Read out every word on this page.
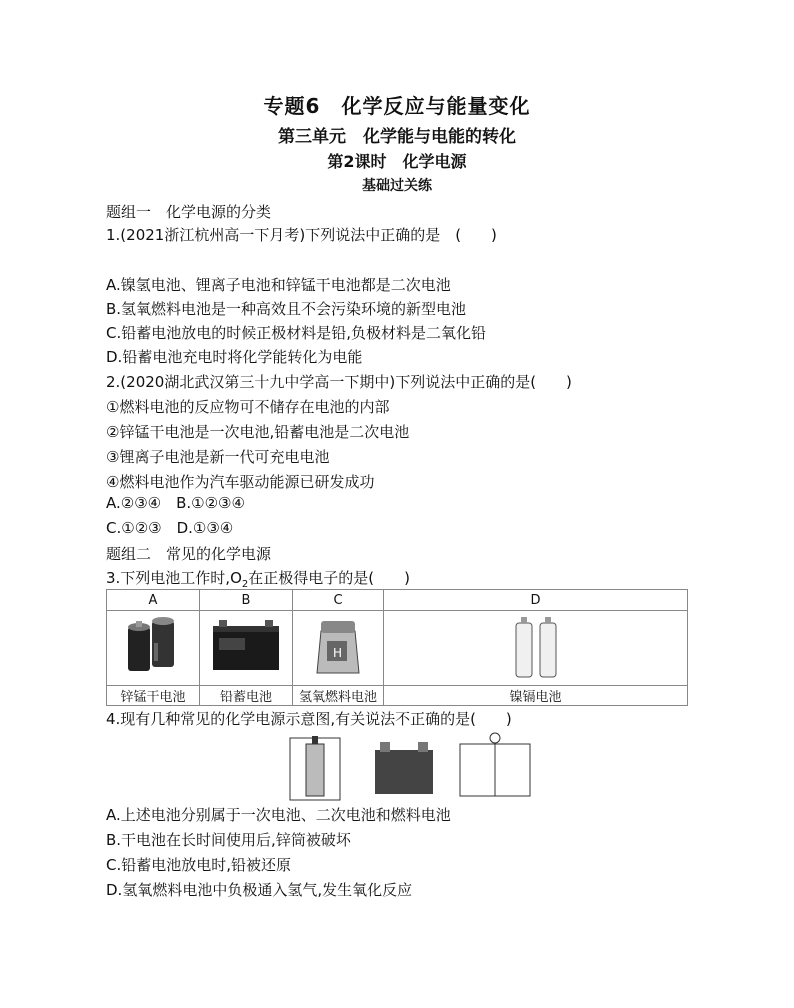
专题6　化学反应与能量变化
第三单元　化学能与电能的转化
第2课时　化学电源
基础过关练
题组一　化学电源的分类
1.(2021浙江杭州高一下月考)下列说法中正确的是　(　　)
A.镍氢电池、锂离子电池和锌锰干电池都是二次电池
B.氢氧燃料电池是一种高效且不会污染环境的新型电池
C.铅蓄电池放电的时候正极材料是铅,负极材料是二氧化铅
D.铅蓄电池充电时将化学能转化为电能
2.(2020湖北武汉第三十九中学高一下期中)下列说法中正确的是(　　)
①燃料电池的反应物可不储存在电池的内部
②锌锰干电池是一次电池,铅蓄电池是二次电池
③锂离子电池是新一代可充电电池
④燃料电池作为汽车驱动能源已研发成功
A.②③④　B.①②③④
C.①②③　D.①③④
题组二　常见的化学电源
3.下列电池工作时$,O_2$在正极得电子的是(　　)
A	B	C	D

H

锌锰干电池	铅蓄电池	氢氧燃料电池	镍镉电池
4.现有几种常见的化学电源示意图,有关说法不正确的是(　　)
A.上述电池分别属于一次电池、二次电池和燃料电池
B.干电池在长时间使用后,锌筒被破坏
C.铅蓄电池放电时,铅被还原
D.氢氧燃料电池中负极通入氢气,发生氧化反应
